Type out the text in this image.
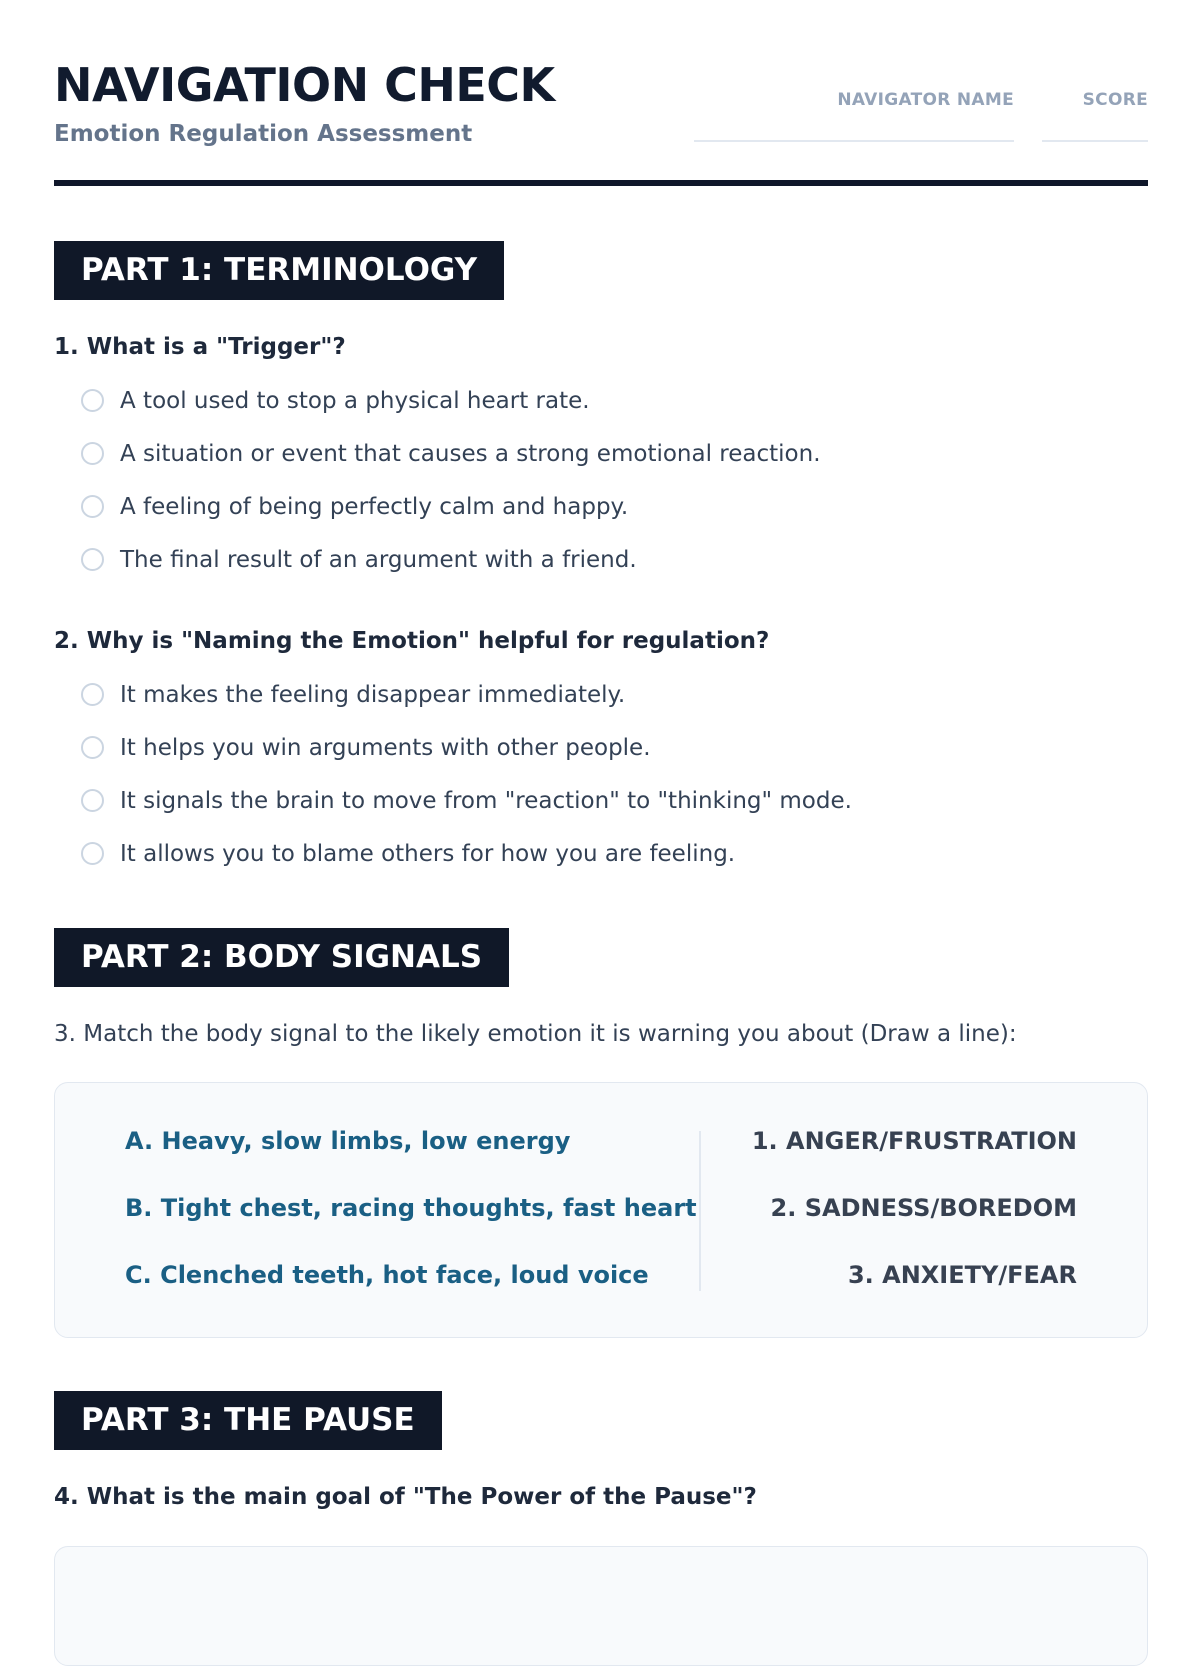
NAVIGATION CHECK
Emotion Regulation Assessment
NAVIGATOR NAME	SCORE
PART 1: TERMINOLOGY
1. What is a "Trigger"?
A tool used to stop a physical heart rate.
A situation or event that causes a strong emotional reaction.
A feeling of being perfectly calm and happy.
The final result of an argument with a friend.
2. Why is "Naming the Emotion" helpful for regulation?
It makes the feeling disappear immediately.
It helps you win arguments with other people.
It signals the brain to move from "reaction" to "thinking" mode.
It allows you to blame others for how you are feeling.
PART 2: BODY SIGNALS
3. Match the body signal to the likely emotion it is warning you about (Draw a line):
A. Heavy, slow limbs, low energy
B. Tight chest, racing thoughts, fast heart
C. Clenched teeth, hot face, loud voice
1. ANGER/FRUSTRATION
2. SADNESS/BOREDOM
3. ANXIETY/FEAR
PART 3: THE PAUSE
4. What is the main goal of "The Power of the Pause"?
